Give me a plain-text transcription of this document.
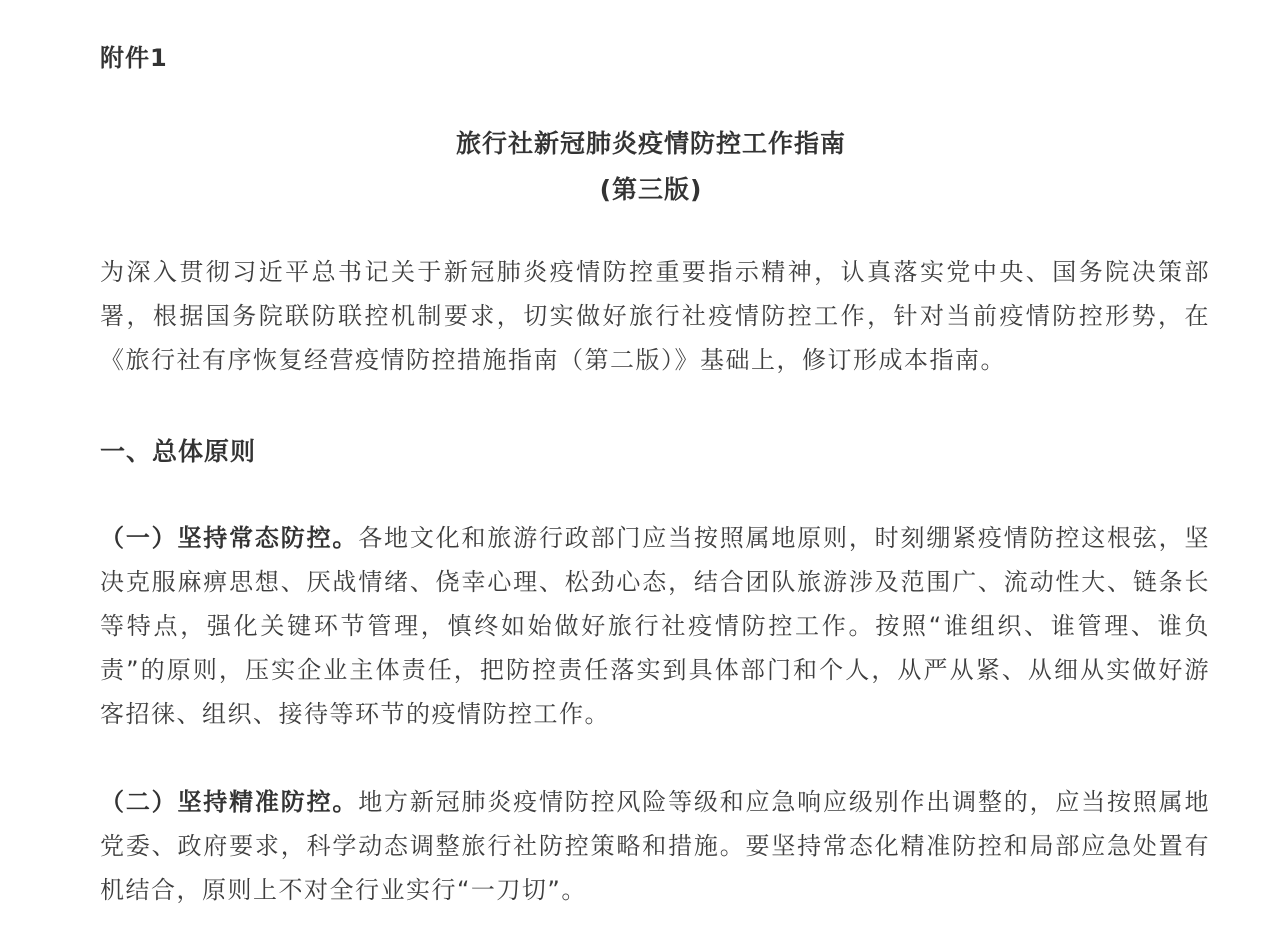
附件1
旅行社新冠肺炎疫情防控工作指南
(第三版)
为深入贯彻习近平总书记关于新冠肺炎疫情防控重要指示精神，认真落实党中央、国务院决策部署，根据国务院联防联控机制要求，切实做好旅行社疫情防控工作，针对当前疫情防控形势，在《旅行社有序恢复经营疫情防控措施指南（第二版）》基础上，修订形成本指南。
一、总体原则
（一）坚持常态防控。各地文化和旅游行政部门应当按照属地原则，时刻绷紧疫情防控这根弦，坚决克服麻痹思想、厌战情绪、侥幸心理、松劲心态，结合团队旅游涉及范围广、流动性大、链条长等特点，强化关键环节管理，慎终如始做好旅行社疫情防控工作。按照“谁组织、谁管理、谁负责”的原则，压实企业主体责任，把防控责任落实到具体部门和个人，从严从紧、从细从实做好游客招徕、组织、接待等环节的疫情防控工作。
（二）坚持精准防控。地方新冠肺炎疫情防控风险等级和应急响应级别作出调整的，应当按照属地党委、政府要求，科学动态调整旅行社防控策略和措施。要坚持常态化精准防控和局部应急处置有机结合，原则上不对全行业实行“一刀切”。
